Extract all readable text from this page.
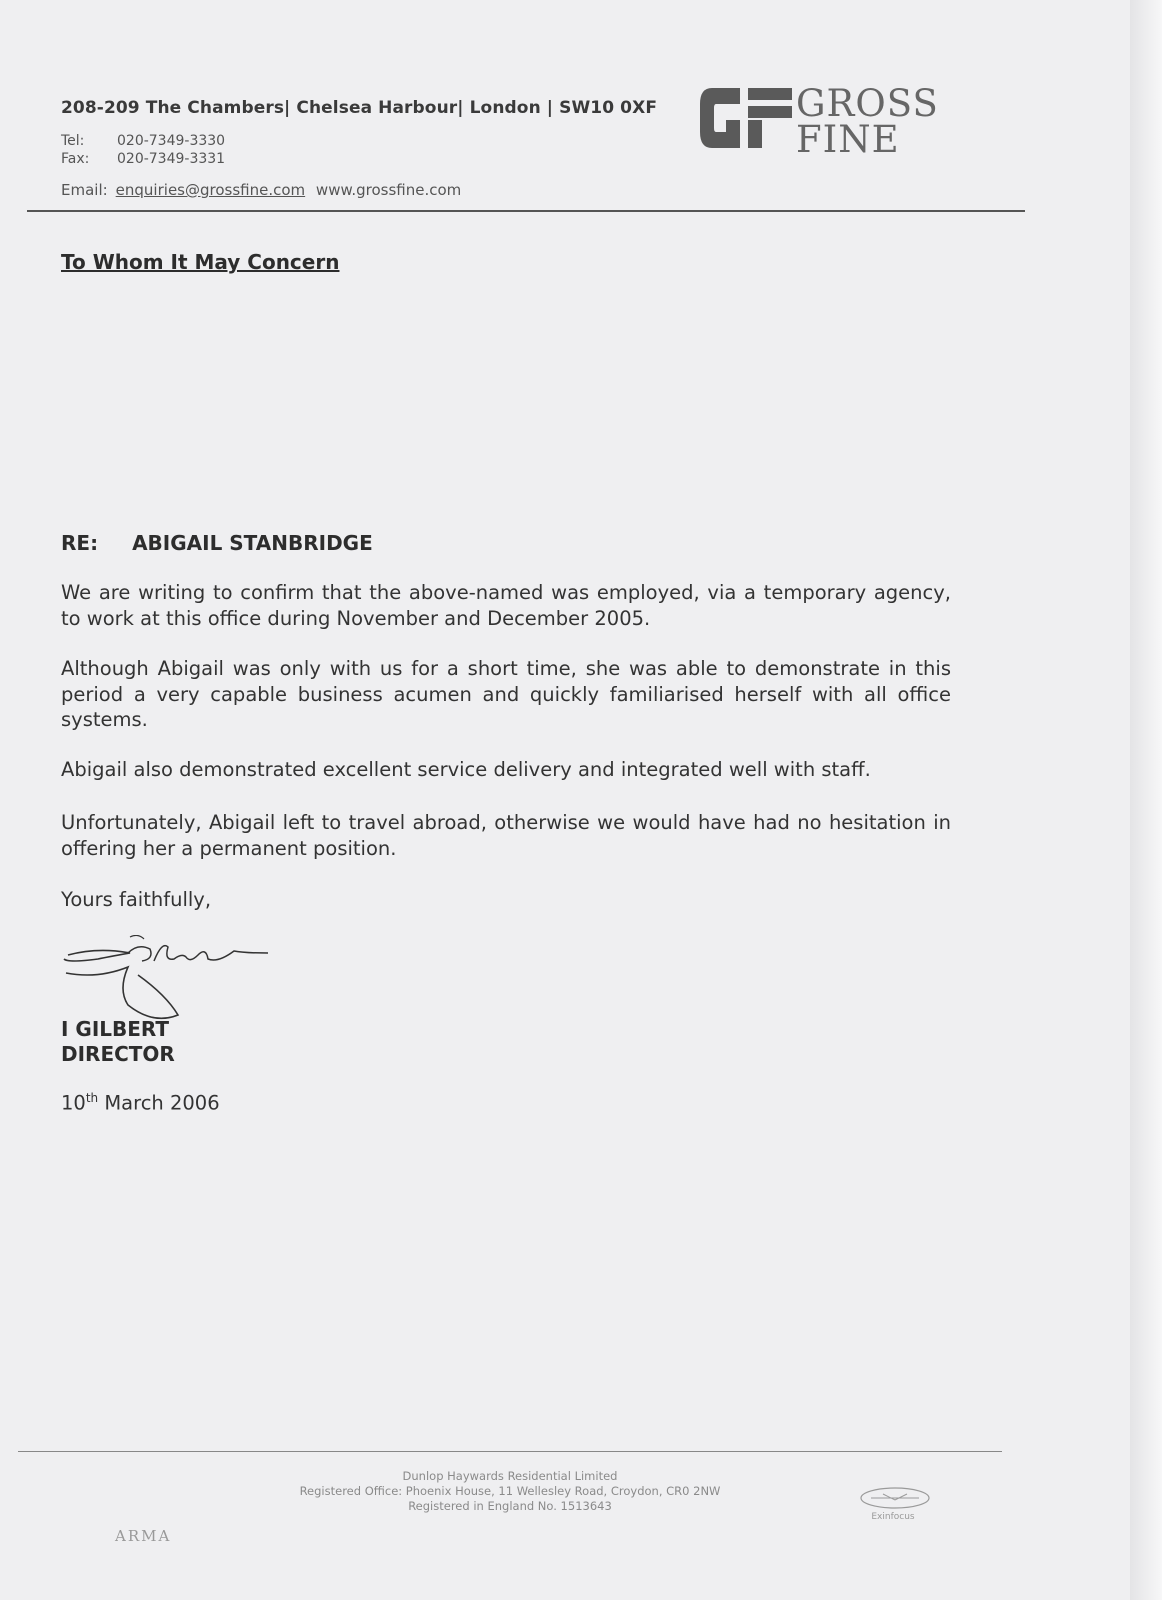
208-209 The Chambers| Chelsea Harbour| London | SW10 0XF
Tel: 020-7349-3330
Fax: 020-7349-3331
Email: enquiries@grossfine.com www.grossfine.com
GROSS
FINE
To Whom It May Concern
RE: ABIGAIL STANBRIDGE
We are writing to confirm that the above-named was employed, via a temporary agency, to work at this office during November and December 2005.
Although Abigail was only with us for a short time, she was able to demonstrate in this period a very capable business acumen and quickly familiarised herself with all office systems.
Abigail also demonstrated excellent service delivery and integrated well with staff.
Unfortunately, Abigail left to travel abroad, otherwise we would have had no hesitation in offering her a permanent position.
Yours faithfully,
I GILBERT
DIRECTOR
10th March 2006
Dunlop Haywards Residential Limited
Registered Office: Phoenix House, 11 Wellesley Road, Croydon, CR0 2NW
Registered in England No. 1513643
ARMA
Exinfocus
